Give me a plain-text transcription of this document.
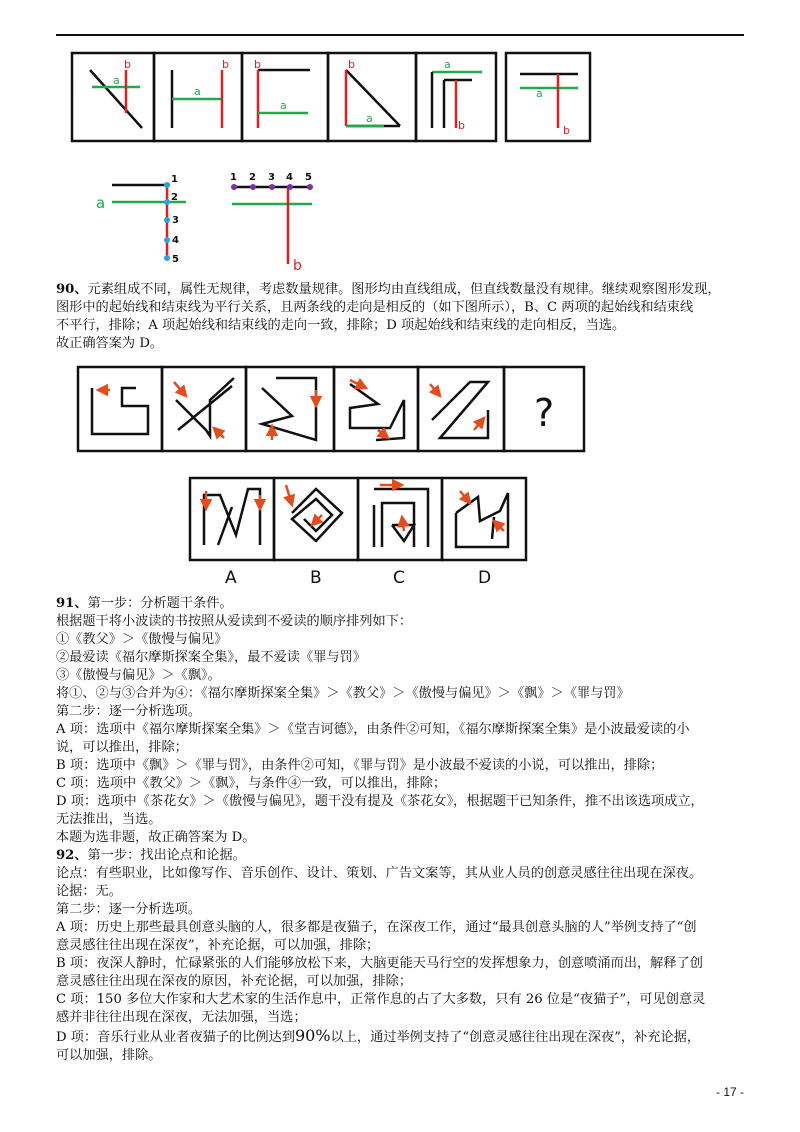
a
b
a
b b
a
b
a
a
b
a
b
1
2
3
4
5
a
1 2 3 4 5
b

90、元素组成不同，属性无规律，考虑数量规律。图形均由直线组成，但直线数量没有规律。继续观察图形发现，

图形中的起始线和结束线为平行关系，且两条线的走向是相反的（如下图所示），B、C 两项的起始线和结束线

不平行，排除；A 项起始线和结束线的走向一致，排除；D 项起始线和结束线的走向相反，当选。

故正确答案为 D。

?
A	B	C	D

91、第一步：分析题干条件。

根据题干将小波读的书按照从爱读到不爱读的顺序排列如下：

①《教父》＞《傲慢与偏见》

②最爱读《福尔摩斯探案全集》，最不爱读《罪与罚》

③《傲慢与偏见》＞《飘》。

将①、②与③合并为④：《福尔摩斯探案全集》＞《教父》＞《傲慢与偏见》＞《飘》＞《罪与罚》

第二步：逐一分析选项。

A 项：选项中《福尔摩斯探案全集》＞《堂吉诃德》，由条件②可知，《福尔摩斯探案全集》是小波最爱读的小

说，可以推出，排除；

B 项：选项中《飘》＞《罪与罚》，由条件②可知，《罪与罚》是小波最不爱读的小说，可以推出，排除；

C 项：选项中《教父》＞《飘》，与条件④一致，可以推出，排除；

D 项：选项中《茶花女》＞《傲慢与偏见》，题干没有提及《茶花女》，根据题干已知条件，推不出该选项成立，

无法推出，当选。

本题为选非题，故正确答案为 D。

92、第一步：找出论点和论据。

论点：有些职业，比如像写作、音乐创作、设计、策划、广告文案等，其从业人员的创意灵感往往出现在深夜。

论据：无。

第二步：逐一分析选项。

A 项：历史上那些最具创意头脑的人，很多都是夜猫子，在深夜工作，通过“最具创意头脑的人”举例支持了“创

意灵感往往出现在深夜”，补充论据，可以加强，排除；

B 项：夜深人静时，忙碌紧张的人们能够放松下来，大脑更能天马行空的发挥想象力，创意喷涌而出，解释了创

意灵感往往出现在深夜的原因，补充论据，可以加强，排除；

C 项：150 多位大作家和大艺术家的生活作息中，正常作息的占了大多数，只有 26 位是“夜猫子”，可见创意灵

感并非往往出现在深夜，无法加强，当选；

D 项：音乐行业从业者夜猫子的比例达到90%以上，通过举例支持了“创意灵感往往出现在深夜”，补充论据，

可以加强，排除。

- 17 -
